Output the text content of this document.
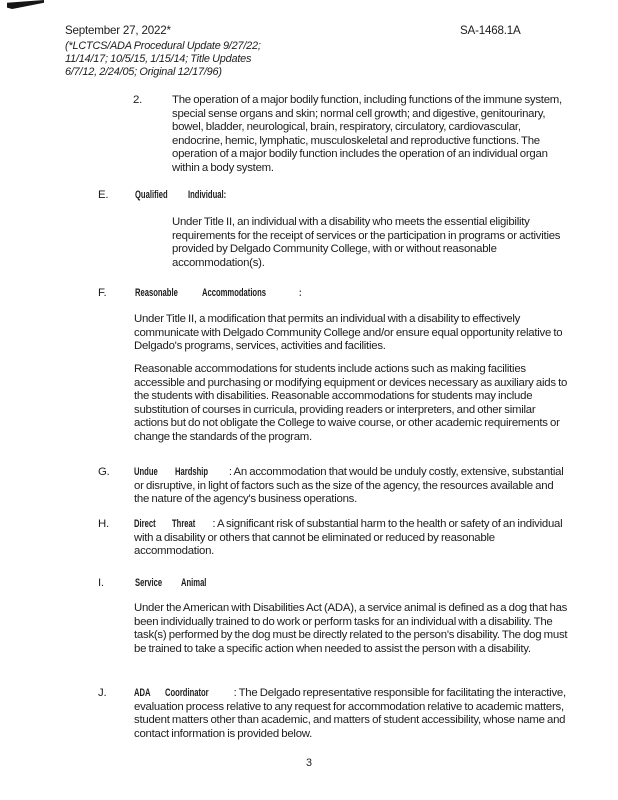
September 27, 2022*	SA-1468.1A
(*LCTCS/ADA Procedural Update 9/27/22;
11/14/17; 10/5/15, 1/15/14; Title Updates
6/7/12, 2/24/05; Original 12/17/96)
2.	The operation of a major bodily function, including functions of the immune system, special sense organs and skin; normal cell growth; and digestive, genitourinary, bowel, bladder, neurological, brain, respiratory, circulatory, cardiovascular, endocrine, hemic, lymphatic, musculoskeletal and reproductive functions. The operation of a major bodily function includes the operation of an individual organ within a body system.
E.	Qualified Individual:
Under Title II, an individual with a disability who meets the essential eligibility requirements for the receipt of services or the participation in programs or activities provided by Delgado Community College, with or without reasonable accommodation(s).
F.	Reasonable Accommodations	:
Under Title II, a modification that permits an individual with a disability to effectively communicate with Delgado Community College and/or ensure equal opportunity relative to Delgado's programs, services, activities and facilities.
Reasonable accommodations for students include actions such as making facilities accessible and purchasing or modifying equipment or devices necessary as auxiliary aids to the students with disabilities. Reasonable accommodations for students may include substitution of courses in curricula, providing readers or interpreters, and other similar actions but do not obligate the College to waive course, or other academic requirements or change the standards of the program.
G. Undue Hardship : An accommodation that would be unduly costly, extensive, substantial or disruptive, in light of factors such as the size of the agency, the resources available and the nature of the agency's business operations.
H. Direct Threat : A significant risk of substantial harm to the health or safety of an individual with a disability or others that cannot be eliminated or reduced by reasonable accommodation.
I.	Service Animal
Under the American with Disabilities Act (ADA), a service animal is defined as a dog that has been individually trained to do work or perform tasks for an individual with a disability. The task(s) performed by the dog must be directly related to the person's disability. The dog must be trained to take a specific action when needed to assist the person with a disability.
J.	ADA Coordinator : The Delgado representative responsible for facilitating the interactive, evaluation process relative to any request for accommodation relative to academic matters, student matters other than academic, and matters of student accessibility, whose name and contact information is provided below.
3
